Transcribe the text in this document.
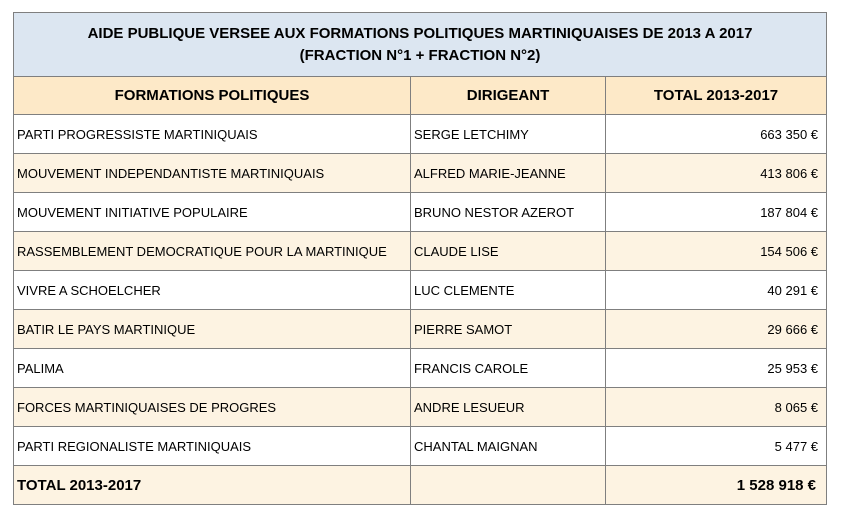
AIDE PUBLIQUE VERSEE AUX FORMATIONS POLITIQUES MARTINIQUAISES DE 2013 A 2017
(FRACTION N°1 + FRACTION N°2)		

FORMATIONS POLITIQUES	DIRIGEANT	TOTAL 2013-2017
PARTI PROGRESSISTE MARTINIQUAIS	SERGE LETCHIMY	663 350 €
MOUVEMENT INDEPENDANTISTE MARTINIQUAIS	ALFRED MARIE-JEANNE	413 806 €
MOUVEMENT INITIATIVE POPULAIRE	BRUNO NESTOR AZEROT	187 804 €
RASSEMBLEMENT DEMOCRATIQUE POUR LA MARTINIQUE	CLAUDE LISE	154 506 €
VIVRE A SCHOELCHER	LUC CLEMENTE	40 291 €
BATIR LE PAYS MARTINIQUE	PIERRE SAMOT	29 666 €
PALIMA	FRANCIS CAROLE	25 953 €
FORCES MARTINIQUAISES DE PROGRES	ANDRE LESUEUR	8 065 €
PARTI REGIONALISTE MARTINIQUAIS	CHANTAL MAIGNAN	5 477 €
TOTAL 2013-2017		1 528 918 €
